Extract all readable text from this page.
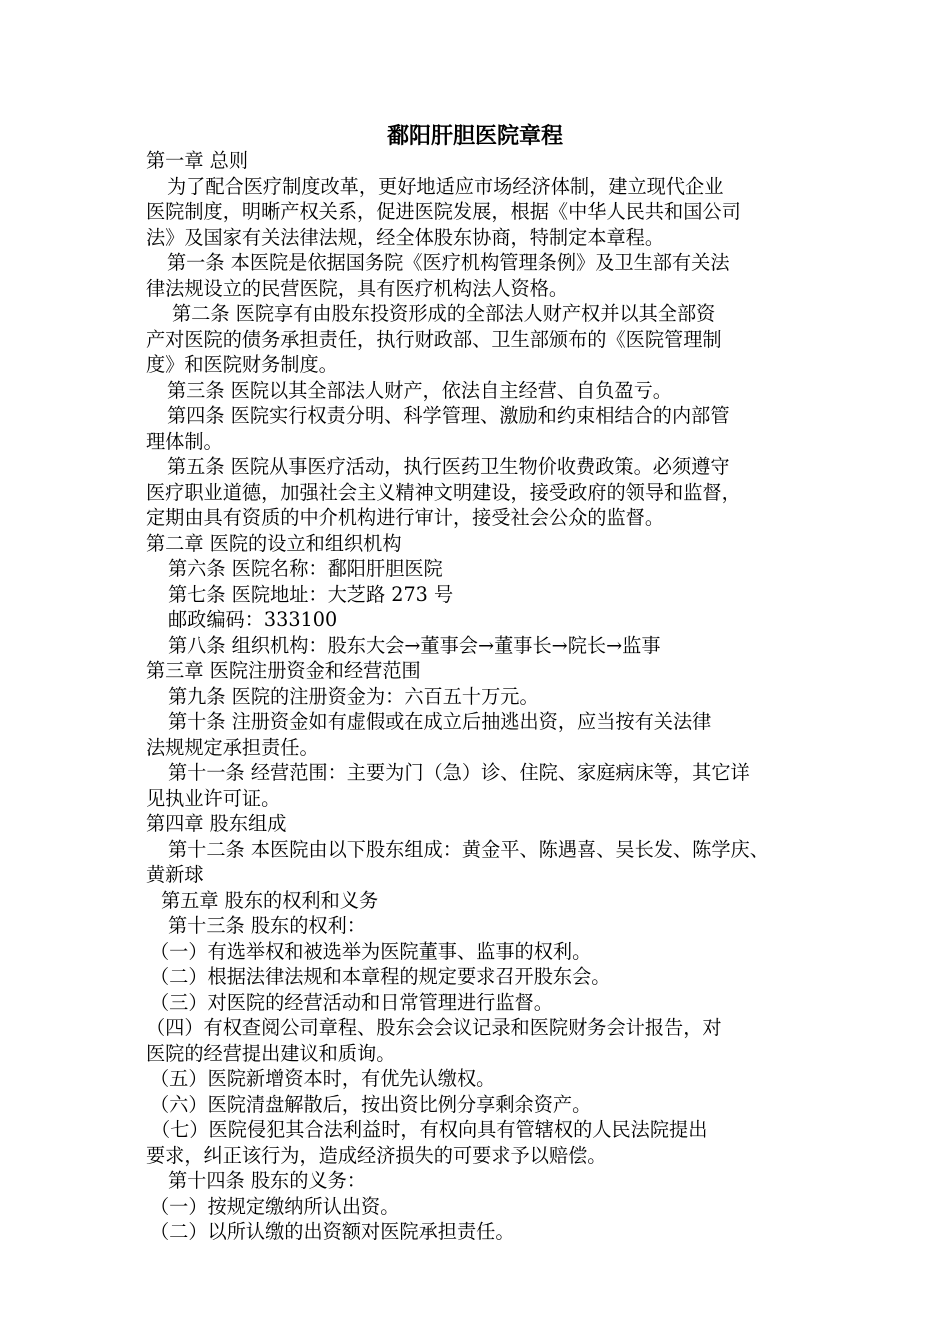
鄱阳肝胆医院章程
第一章 总则
为了配合医疗制度改革，更好地适应市场经济体制，建立现代企业
医院制度，明晰产权关系，促进医院发展，根据《中华人民共和国公司
法》及国家有关法律法规，经全体股东协商，特制定本章程。
第一条 本医院是依据国务院《医疗机构管理条例》及卫生部有关法
律法规设立的民营医院，具有医疗机构法人资格。
第二条 医院享有由股东投资形成的全部法人财产权并以其全部资
产对医院的债务承担责任，执行财政部、卫生部颁布的《医院管理制
度》和医院财务制度。
第三条 医院以其全部法人财产，依法自主经营、自负盈亏。
第四条 医院实行权责分明、科学管理、激励和约束相结合的内部管
理体制。
第五条 医院从事医疗活动，执行医药卫生物价收费政策。必须遵守
医疗职业道德，加强社会主义精神文明建设，接受政府的领导和监督，
定期由具有资质的中介机构进行审计，接受社会公众的监督。
第二章 医院的设立和组织机构
第六条 医院名称：鄱阳肝胆医院
第七条 医院地址：大芝路 273 号
邮政编码：333100
第八条 组织机构：股东大会→董事会→董事长→院长→监事
第三章 医院注册资金和经营范围
第九条 医院的注册资金为：六百五十万元。
第十条 注册资金如有虚假或在成立后抽逃出资，应当按有关法律
法规规定承担责任。
第十一条 经营范围：主要为门（急）诊、住院、家庭病床等，其它详
见执业许可证。
第四章 股东组成
第十二条 本医院由以下股东组成：黄金平、陈遇喜、吴长发、陈学庆、
黄新球
第五章 股东的权利和义务
第十三条 股东的权利：
（一）有选举权和被选举为医院董事、监事的权利。
（二）根据法律法规和本章程的规定要求召开股东会。
（三）对医院的经营活动和日常管理进行监督。
（四）有权查阅公司章程、股东会会议记录和医院财务会计报告，对
医院的经营提出建议和质询。
（五）医院新增资本时，有优先认缴权。
（六）医院清盘解散后，按出资比例分享剩余资产。
（七）医院侵犯其合法利益时，有权向具有管辖权的人民法院提出
要求，纠正该行为，造成经济损失的可要求予以赔偿。
第十四条 股东的义务：
（一）按规定缴纳所认出资。
（二）以所认缴的出资额对医院承担责任。
